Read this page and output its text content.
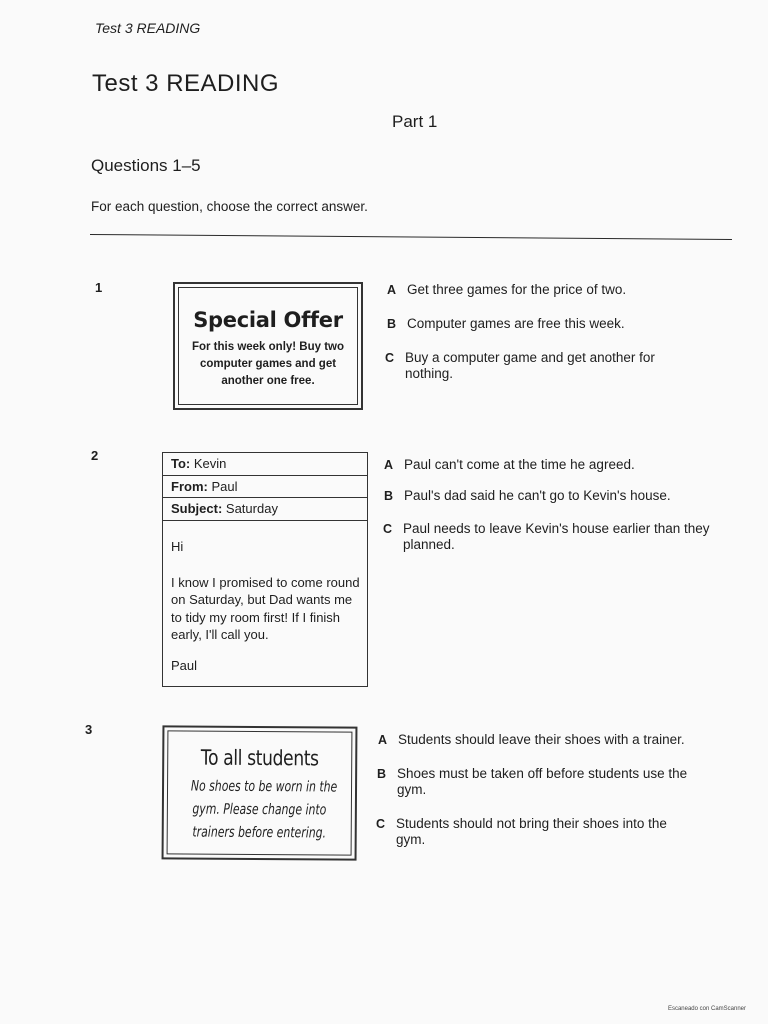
Test 3 READING
Test 3 READING
Part 1
Questions 1–5
For each question, choose the correct answer.
1
Special Offer
For this week only! Buy two computer games and get another one free.
A Get three games for the price of two.
B Computer games are free this week.
C Buy a computer game and get another for nothing.
2
To: Kevin
From: Paul
Subject: Saturday
Hi
I know I promised to come round on Saturday, but Dad wants me to tidy my room first! If I finish early, I'll call you.
Paul
A Paul can't come at the time he agreed.
B Paul's dad said he can't go to Kevin's house.
C Paul needs to leave Kevin's house earlier than they planned.
3
To all students
No shoes to be worn in the
gym. Please change into
trainers before entering.
A Students should leave their shoes with a trainer.
B Shoes must be taken off before students use the gym.
C Students should not bring their shoes into the gym.
Escaneado con CamScanner
